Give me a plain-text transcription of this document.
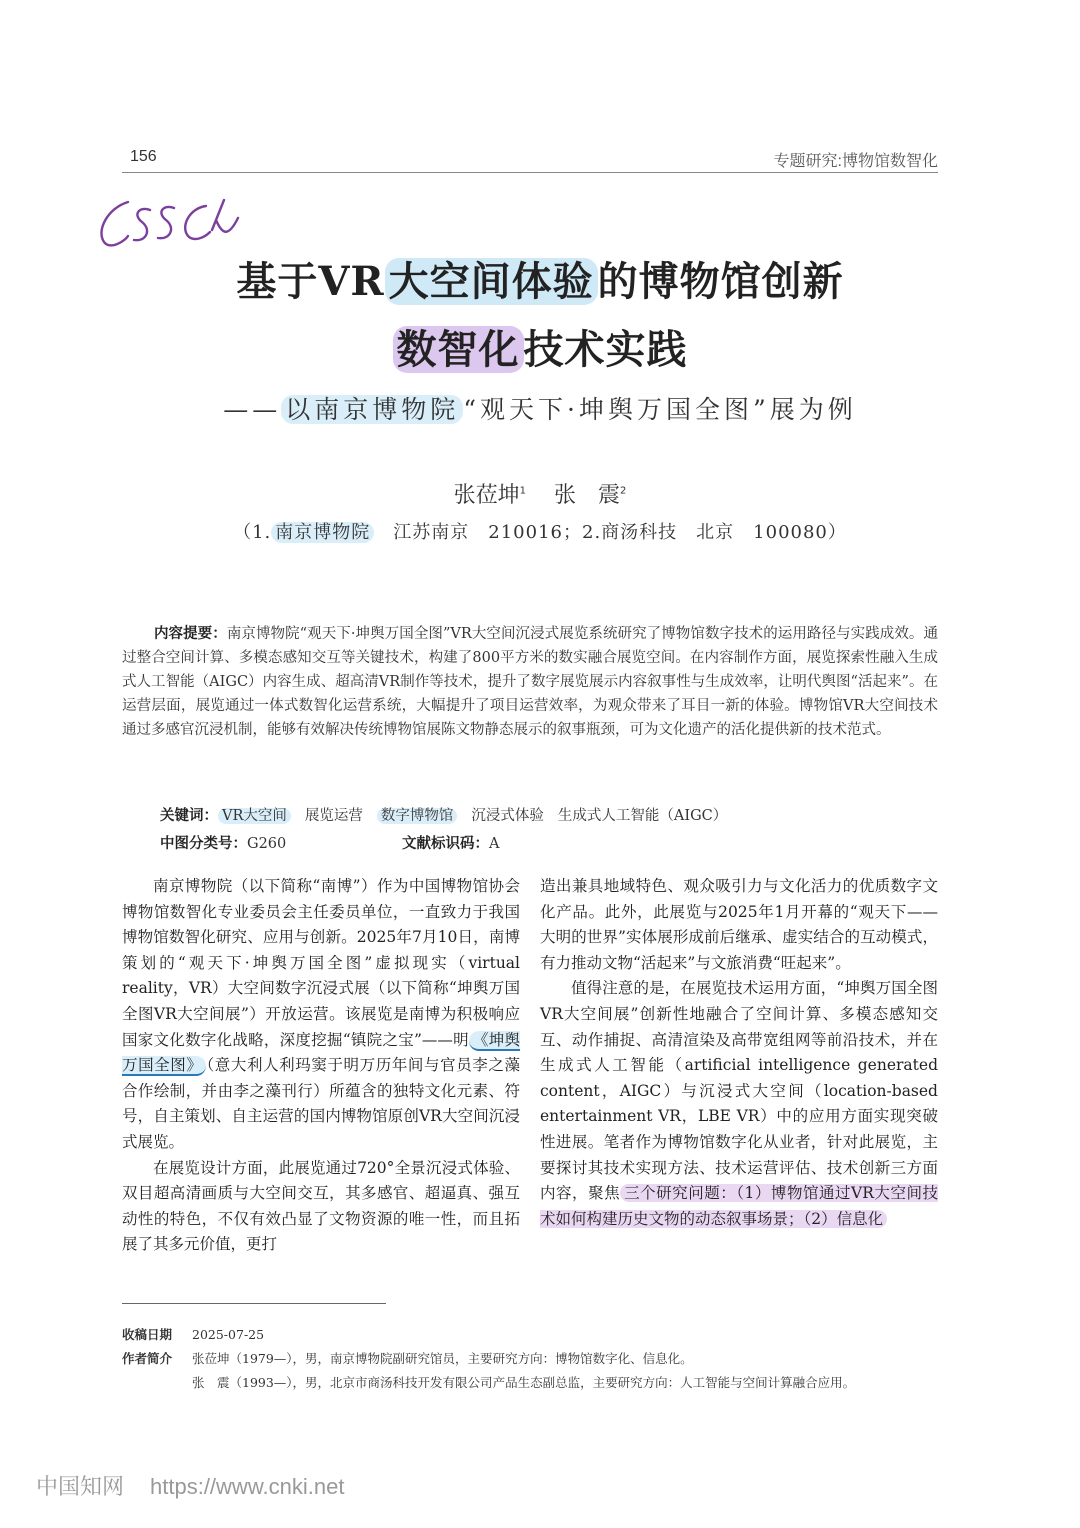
156	专题研究:博物馆数智化
基于VR 大空间体验 的博物馆创新
数智化 技术实践
—— 以南京博物院 “观天下·坤舆万国全图”展为例
张莅坤$^1$ 张　震$^2$
（1. 南京博物院　江苏南京　210016；2.商汤科技　北京　100080）
内容提要：南京博物院“观天下·坤舆万国全图”VR大空间沉浸式展览系统研究了博物馆数字技术的运用路径与实践成效。通过整合空间计算、多模态感知交互等关键技术，构建了800平方米的数实融合展览空间。在内容制作方面，展览探索性融入生成式人工智能（AIGC）内容生成、超高清VR制作等技术，提升了数字展览展示内容叙事性与生成效率，让明代舆图“活起来”。在运营层面，展览通过一体式数智化运营系统，大幅提升了项目运营效率，为观众带来了耳目一新的体验。博物馆VR大空间技术通过多感官沉浸机制，能够有效解决传统博物馆展陈文物静态展示的叙事瓶颈，可为文化遗产的活化提供新的技术范式。
关键词： VR大空间 展览运营 数字博物馆 沉浸式体验 生成式人工智能（AIGC）
中图分类号：G260	文献标识码：A

南京博物院（以下简称“南博”）作为中国博物馆协会博物馆数智化专业委员会主任委员单位，一直致力于我国博物馆数智化研究、应用与创新。2025年7月10日，南博策划的“观天下·坤舆万国全图”虚拟现实（virtual reality，VR）大空间数字沉浸式展（以下简称“坤舆万国全图VR大空间展”）开放运营。该展览是南博为积极响应国家文化数字化战略，深度挖掘“镇院之宝”——明 《坤舆万国全图》 （意大利人利玛窦于明万历年间与官员李之藻合作绘制，并由李之藻刊行）所蕴含的独特文化元素、符号，自主策划、自主运营的国内博物馆原创VR大空间沉浸式展览。

在展览设计方面，此展览通过720°全景沉浸式体验、双目超高清画质与大空间交互，其多感官、超逼真、强互动性的特色，不仅有效凸显了文物资源的唯一性，而且拓展了其多元价值，更打

造出兼具地域特色、观众吸引力与文化活力的优质数字文化产品。此外，此展览与2025年1月开幕的“观天下——大明的世界”实体展形成前后继承、虚实结合的互动模式，有力推动文物“活起来”与文旅消费“旺起来”。

值得注意的是，在展览技术运用方面，“坤舆万国全图VR大空间展”创新性地融合了空间计算、多模态感知交互、动作捕捉、高清渲染及高带宽组网等前沿技术，并在生成式人工智能（artificial intelligence generated content，AIGC）与沉浸式大空间（location-based entertainment VR，LBE VR）中的应用方面实现突破性进展。笔者作为博物馆数字化从业者，针对此展览，主要探讨其技术实现方法、技术运营评估、技术创新三方面内容，聚焦 三个研究问题：（1）博物馆通过VR大空间技术如何构建历史文物的动态叙事场景；（2）信息化

收稿日期 2025-07-25
作者简介 张莅坤（1979—），男，南京博物院副研究馆员，主要研究方向：博物馆数字化、信息化。
张　震（1993—），男，北京市商汤科技开发有限公司产品生态副总监，主要研究方向：人工智能与空间计算融合应用。
中国知网 https://www.cnki.net
